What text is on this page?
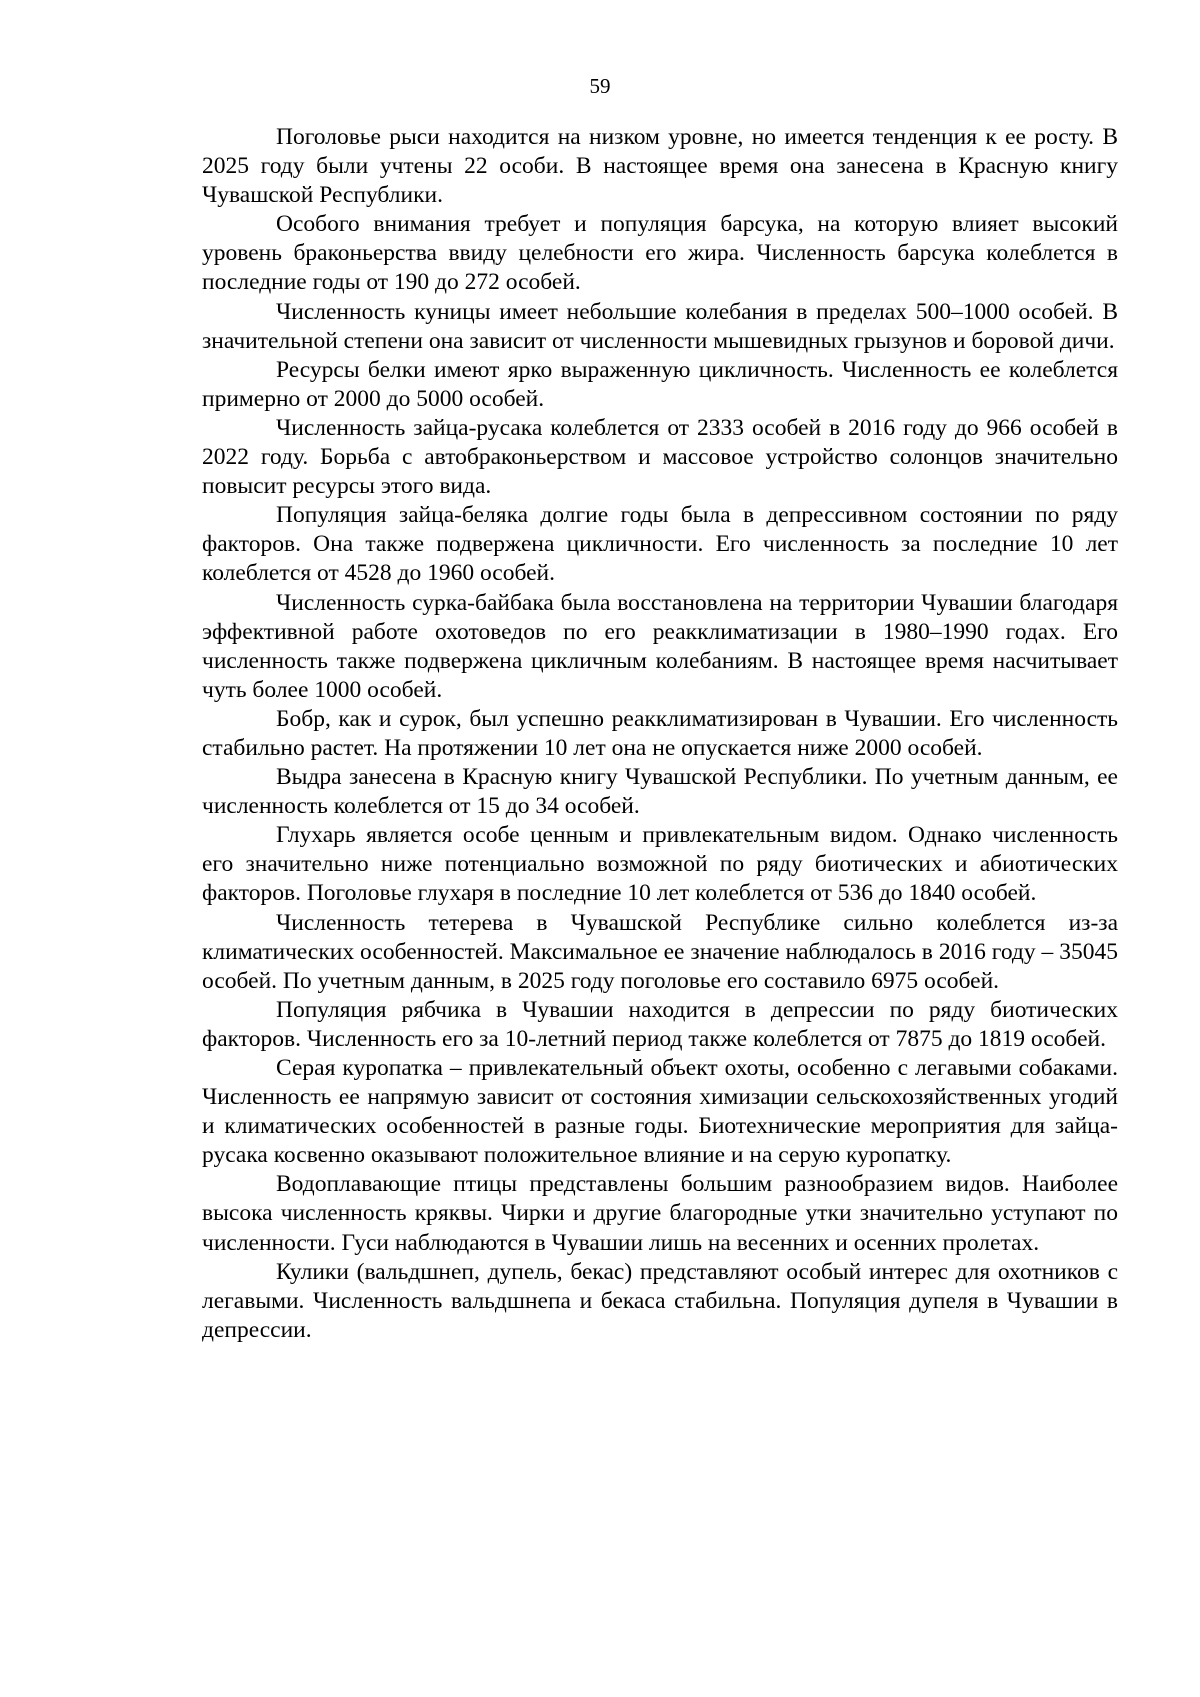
59

Поголовье рыси находится на низком уровне, но имеется тенденция к ее росту. В 2025 году были учтены 22 особи. В настоящее время она занесена в Красную книгу Чувашской Республики.

Особого внимания требует и популяция барсука, на которую влияет высокий уровень браконьерства ввиду целебности его жира. Численность барсука колеблется в последние годы от 190 до 272 особей.

Численность куницы имеет небольшие колебания в пределах 500–1000 особей. В значительной степени она зависит от численности мышевидных грызунов и боровой дичи.

Ресурсы белки имеют ярко выраженную цикличность. Численность ее колеблется примерно от 2000 до 5000 особей.

Численность зайца-русака колеблется от 2333 особей в 2016 году до 966 особей в 2022 году. Борьба с автобраконьерством и массовое устройство солонцов значительно повысит ресурсы этого вида.

Популяция зайца-беляка долгие годы была в депрессивном состоянии по ряду факторов. Она также подвержена цикличности. Его численность за последние 10 лет колеблется от 4528 до 1960 особей.

Численность сурка-байбака была восстановлена на территории Чувашии благодаря эффективной работе охотоведов по его реакклиматизации в 1980–1990 годах. Его численность также подвержена цикличным колебаниям. В настоящее время насчитывает чуть более 1000 особей.

Бобр, как и сурок, был успешно реакклиматизирован в Чувашии. Его численность стабильно растет. На протяжении 10 лет она не опускается ниже 2000 особей.

Выдра занесена в Красную книгу Чувашской Республики. По учетным данным, ее численность колеблется от 15 до 34 особей.

Глухарь является особе ценным и привлекательным видом. Однако численность его значительно ниже потенциально возможной по ряду биотических и абиотических факторов. Поголовье глухаря в последние 10 лет колеблется от 536 до 1840 особей.

Численность тетерева в Чувашской Республике сильно колеблется из-за климатических особенностей. Максимальное ее значение наблюдалось в 2016 году – 35045 особей. По учетным данным, в 2025 году поголовье его составило 6975 особей.

Популяция рябчика в Чувашии находится в депрессии по ряду биотических факторов. Численность его за 10-летний период также колеблется от 7875 до 1819 особей.

Серая куропатка – привлекательный объект охоты, особенно с легавыми собаками. Численность ее напрямую зависит от состояния химизации сельскохозяйственных угодий и климатических особенностей в разные годы. Биотехнические мероприятия для зайца-русака косвенно оказывают положительное влияние и на серую куропатку.

Водоплавающие птицы представлены большим разнообразием видов. Наиболее высока численность кряквы. Чирки и другие благородные утки значительно уступают по численности. Гуси наблюдаются в Чувашии лишь на весенних и осенних пролетах.

Кулики (вальдшнеп, дупель, бекас) представляют особый интерес для охотников с легавыми. Численность вальдшнепа и бекаса стабильна. Популяция дупеля в Чувашии в депрессии.
